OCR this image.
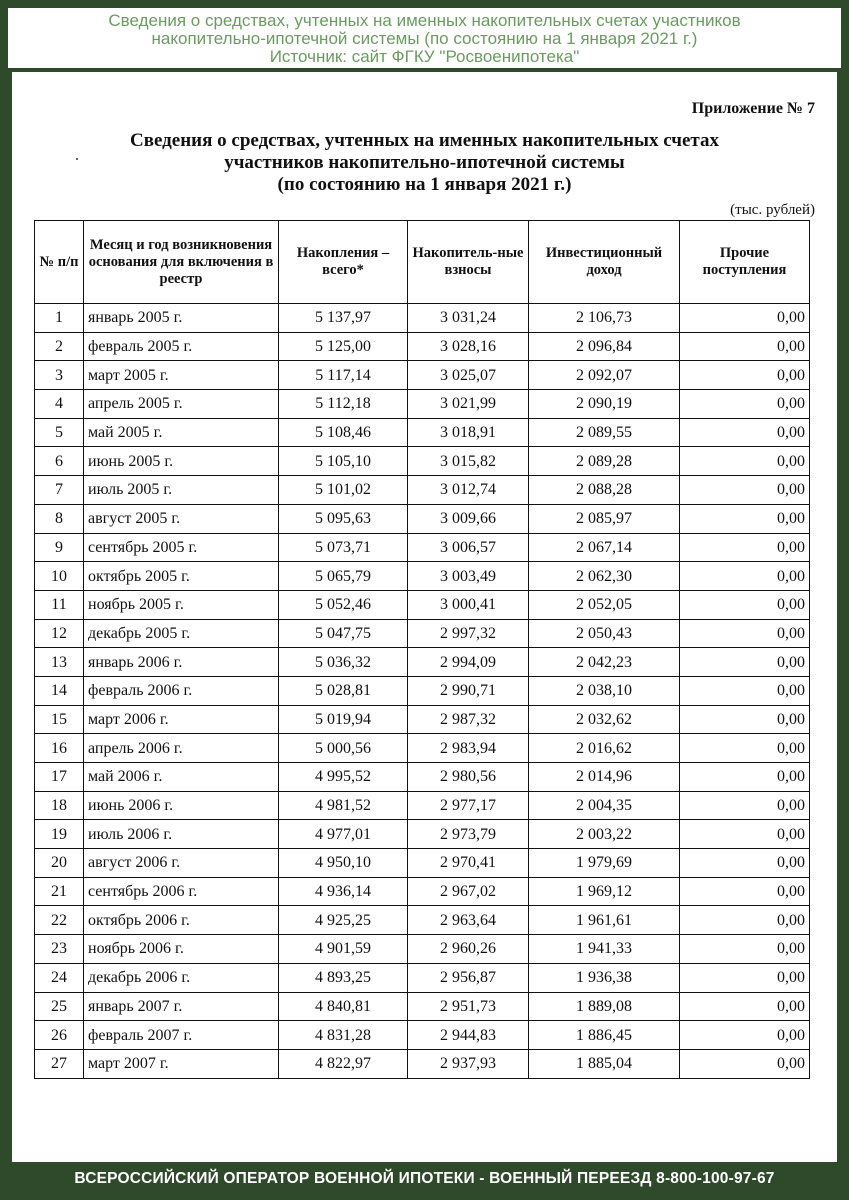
Сведения о средствах, учтенных на именных накопительных счетах участников
накопительно-ипотечной системы (по состоянию на 1 января 2021 г.)
Источник: сайт ФГКУ "Росвоенипотека"
Приложение № 7
Сведения о средствах, учтенных на именных накопительных счетах
участников накопительно-ипотечной системы
(по состоянию на 1 января 2021 г.)
(тыс. рублей)
№ п/п	Месяц и год возникновения основания для включения в реестр	Накопления – всего*	Накопитель-ные взносы	Инвестиционный доход	Прочие поступления
1	январь 2005 г.	5 137,97	3 031,24	2 106,73	0,00
2	февраль 2005 г.	5 125,00	3 028,16	2 096,84	0,00
3	март 2005 г.	5 117,14	3 025,07	2 092,07	0,00
4	апрель 2005 г.	5 112,18	3 021,99	2 090,19	0,00
5	май 2005 г.	5 108,46	3 018,91	2 089,55	0,00
6	июнь 2005 г.	5 105,10	3 015,82	2 089,28	0,00
7	июль 2005 г.	5 101,02	3 012,74	2 088,28	0,00
8	август 2005 г.	5 095,63	3 009,66	2 085,97	0,00
9	сентябрь 2005 г.	5 073,71	3 006,57	2 067,14	0,00
10	октябрь 2005 г.	5 065,79	3 003,49	2 062,30	0,00
11	ноябрь 2005 г.	5 052,46	3 000,41	2 052,05	0,00
12	декабрь 2005 г.	5 047,75	2 997,32	2 050,43	0,00
13	январь 2006 г.	5 036,32	2 994,09	2 042,23	0,00
14	февраль 2006 г.	5 028,81	2 990,71	2 038,10	0,00
15	март 2006 г.	5 019,94	2 987,32	2 032,62	0,00
16	апрель 2006 г.	5 000,56	2 983,94	2 016,62	0,00
17	май 2006 г.	4 995,52	2 980,56	2 014,96	0,00
18	июнь 2006 г.	4 981,52	2 977,17	2 004,35	0,00
19	июль 2006 г.	4 977,01	2 973,79	2 003,22	0,00
20	август 2006 г.	4 950,10	2 970,41	1 979,69	0,00
21	сентябрь 2006 г.	4 936,14	2 967,02	1 969,12	0,00
22	октябрь 2006 г.	4 925,25	2 963,64	1 961,61	0,00
23	ноябрь 2006 г.	4 901,59	2 960,26	1 941,33	0,00
24	декабрь 2006 г.	4 893,25	2 956,87	1 936,38	0,00
25	январь 2007 г.	4 840,81	2 951,73	1 889,08	0,00
26	февраль 2007 г.	4 831,28	2 944,83	1 886,45	0,00
27	март 2007 г.	4 822,97	2 937,93	1 885,04	0,00
ВСЕРОССИЙСКИЙ ОПЕРАТОР ВОЕННОЙ ИПОТЕКИ - ВОЕННЫЙ ПЕРЕЕЗД 8-800-100-97-67
